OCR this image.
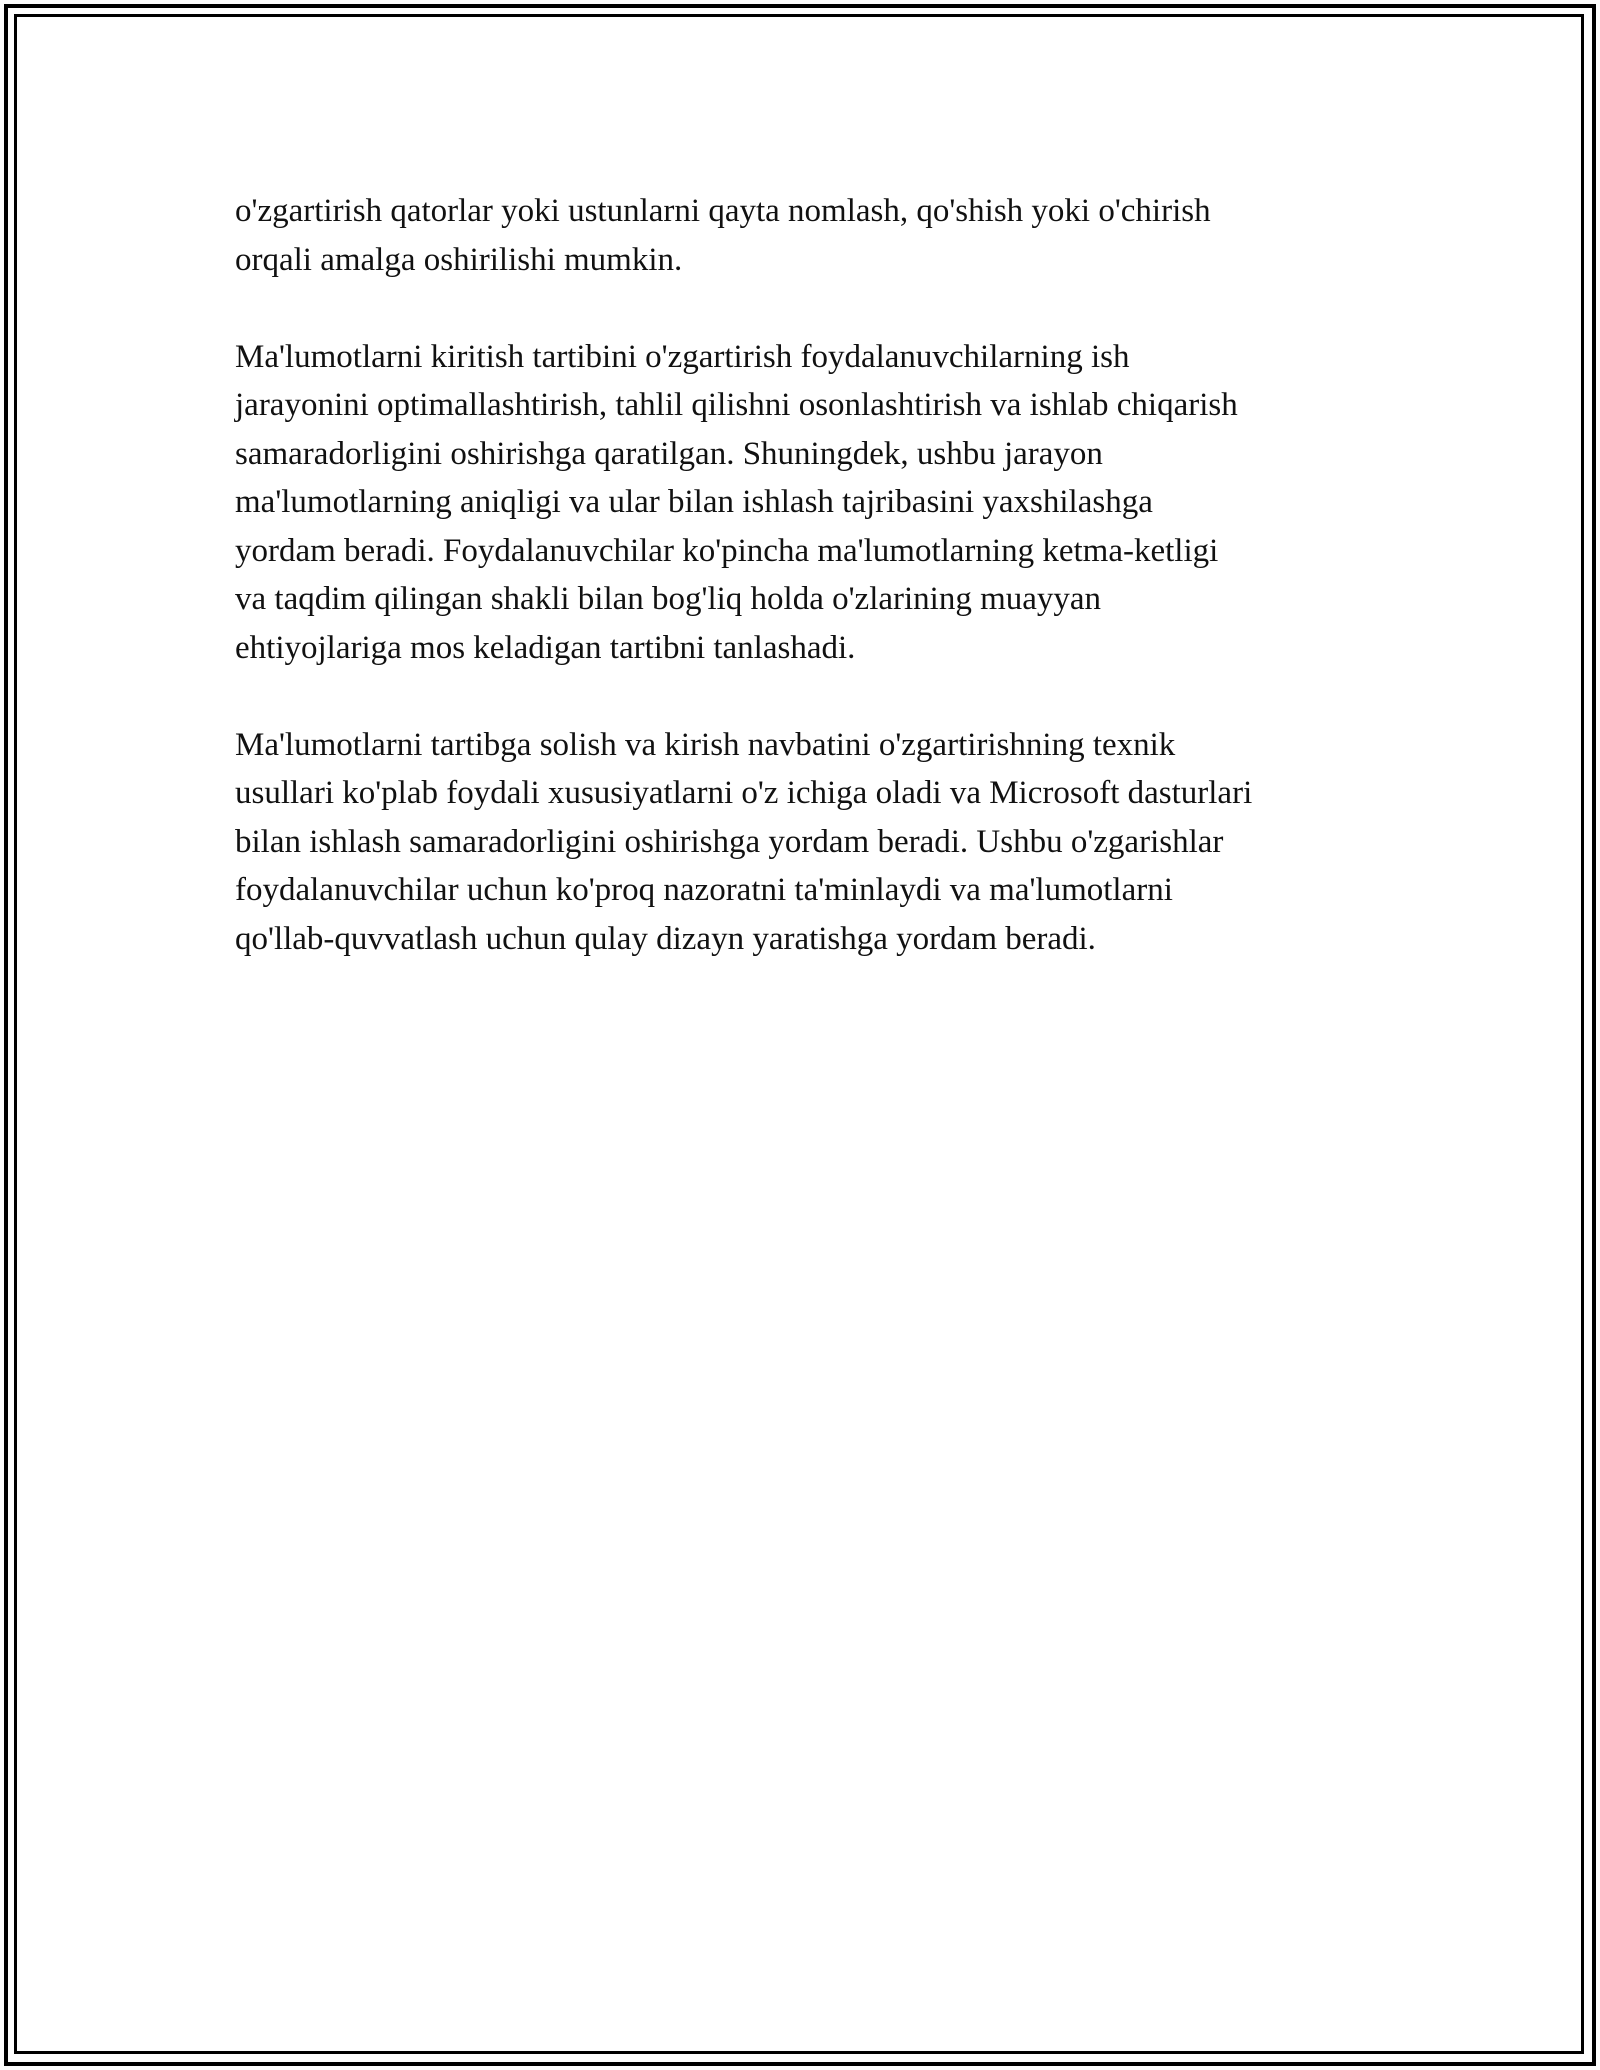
o'zgartirish qatorlar yoki ustunlarni qayta nomlash, qo'shish yoki o'chirish
orqali amalga oshirilishi mumkin.

Ma'lumotlarni kiritish tartibini o'zgartirish foydalanuvchilarning ish
jarayonini optimallashtirish, tahlil qilishni osonlashtirish va ishlab chiqarish
samaradorligini oshirishga qaratilgan. Shuningdek, ushbu jarayon
ma'lumotlarning aniqligi va ular bilan ishlash tajribasini yaxshilashga
yordam beradi. Foydalanuvchilar ko'pincha ma'lumotlarning ketma-ketligi
va taqdim qilingan shakli bilan bog'liq holda o'zlarining muayyan
ehtiyojlariga mos keladigan tartibni tanlashadi.

Ma'lumotlarni tartibga solish va kirish navbatini o'zgartirishning texnik
usullari ko'plab foydali xususiyatlarni o'z ichiga oladi va Microsoft dasturlari
bilan ishlash samaradorligini oshirishga yordam beradi. Ushbu o'zgarishlar
foydalanuvchilar uchun ko'proq nazoratni ta'minlaydi va ma'lumotlarni
qo'llab-quvvatlash uchun qulay dizayn yaratishga yordam beradi.
